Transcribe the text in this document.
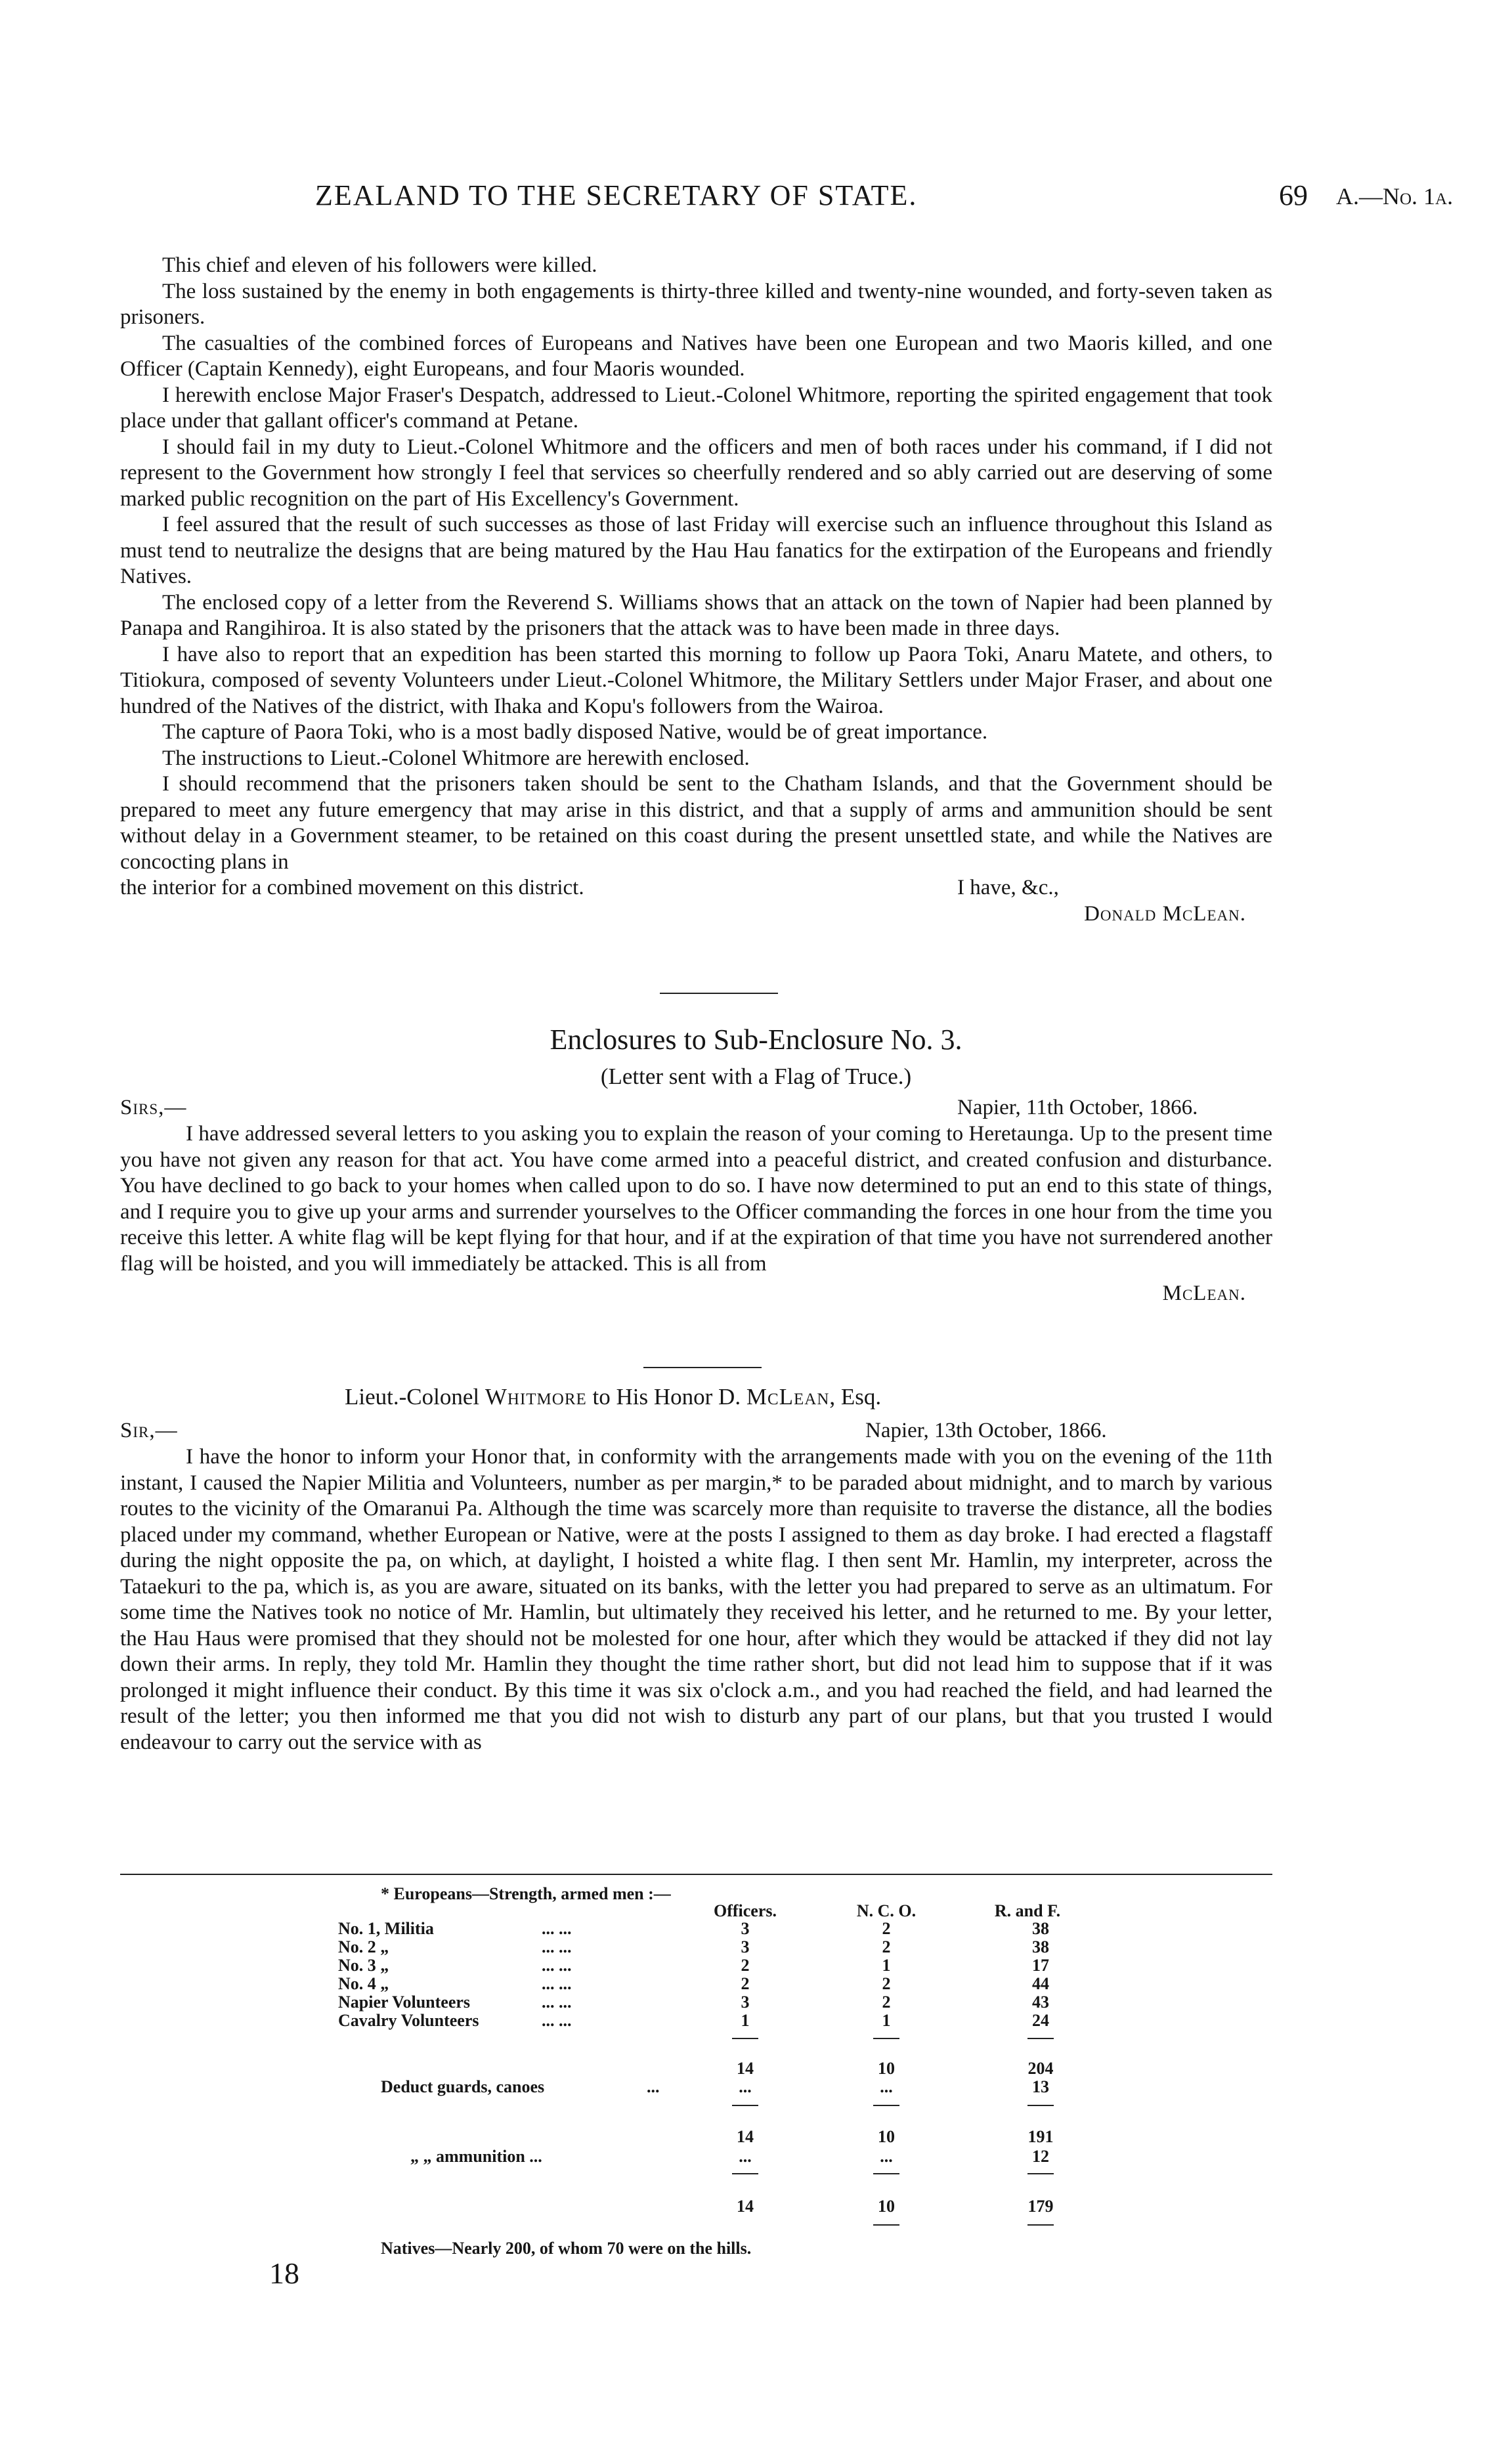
ZEALAND TO THE SECRETARY OF STATE.	69 A.—No. 1a.

This chief and eleven of his followers were killed.

The loss sustained by the enemy in both engagements is thirty-three killed and twenty-nine wounded, and forty-seven taken as prisoners.

The casualties of the combined forces of Europeans and Natives have been one European and two Maoris killed, and one Officer (Captain Kennedy), eight Europeans, and four Maoris wounded.

I herewith enclose Major Fraser's Despatch, addressed to Lieut.-Colonel Whitmore, reporting the spirited engagement that took place under that gallant officer's command at Petane.

I should fail in my duty to Lieut.-Colonel Whitmore and the officers and men of both races under his command, if I did not represent to the Government how strongly I feel that services so cheerfully rendered and so ably carried out are deserving of some marked public recognition on the part of His Excellency's Government.

I feel assured that the result of such successes as those of last Friday will exercise such an influence throughout this Island as must tend to neutralize the designs that are being matured by the Hau Hau fanatics for the extirpation of the Europeans and friendly Natives.

The enclosed copy of a letter from the Reverend S. Williams shows that an attack on the town of Napier had been planned by Panapa and Rangihiroa. It is also stated by the prisoners that the attack was to have been made in three days.

I have also to report that an expedition has been started this morning to follow up Paora Toki, Anaru Matete, and others, to Titiokura, composed of seventy Volunteers under Lieut.-Colonel Whitmore, the Military Settlers under Major Fraser, and about one hundred of the Natives of the district, with Ihaka and Kopu's followers from the Wairoa.

The capture of Paora Toki, who is a most badly disposed Native, would be of great importance.

The instructions to Lieut.-Colonel Whitmore are herewith enclosed.

I should recommend that the prisoners taken should be sent to the Chatham Islands, and that the Government should be prepared to meet any future emergency that may arise in this district, and that a supply of arms and ammunition should be sent without delay in a Government steamer, to be retained on this coast during the present unsettled state, and while the Natives are concocting plans in

the interior for a combined movement on this district.	I have, &c.,
Donald McLean.
Enclosures to Sub-Enclosure No. 3.
(Letter sent with a Flag of Truce.)
Sirs,—	Napier, 11th October, 1866.

I have addressed several letters to you asking you to explain the reason of your coming to Heretaunga. Up to the present time you have not given any reason for that act. You have come armed into a peaceful district, and created confusion and disturbance. You have declined to go back to your homes when called upon to do so. I have now determined to put an end to this state of things, and I require you to give up your arms and surrender yourselves to the Officer commanding the forces in one hour from the time you receive this letter. A white flag will be kept flying for that hour, and if at the expiration of that time you have not surrendered another flag will be hoisted, and you will immediately be attacked. This is all from

McLean.
Lieut.-Colonel Whitmore to His Honor D. McLean, Esq.
Sir,—	Napier, 13th October, 1866.

I have the honor to inform your Honor that, in conformity with the arrangements made with you on the evening of the 11th instant, I caused the Napier Militia and Volunteers, number as per margin,* to be paraded about midnight, and to march by various routes to the vicinity of the Omaranui Pa. Although the time was scarcely more than requisite to traverse the distance, all the bodies placed under my command, whether European or Native, were at the posts I assigned to them as day broke. I had erected a flagstaff during the night opposite the pa, on which, at daylight, I hoisted a white flag. I then sent Mr. Hamlin, my interpreter, across the Tataekuri to the pa, which is, as you are aware, situated on its banks, with the letter you had prepared to serve as an ultimatum. For some time the Natives took no notice of Mr. Hamlin, but ultimately they received his letter, and he returned to me. By your letter, the Hau Haus were promised that they should not be molested for one hour, after which they would be attacked if they did not lay down their arms. In reply, they told Mr. Hamlin they thought the time rather short, but did not lead him to suppose that if it was prolonged it might influence their conduct. By this time it was six o'clock a.m., and you had reached the field, and had learned the result of the letter; you then informed me that you did not wish to disturb any part of our plans, but that you trusted I would endeavour to carry out the service with as

* Europeans—Strength, armed men :—
Officers.	N. C. O.	R. and F.
No. 1, Militia	... ...	3	2	38
No. 2 „	... ...	3	2	38
No. 3 „	... ...	2	1	17
No. 4 „	... ...	2	2	44
Napier Volunteers	... ...	3	2	43
Cavalry Volunteers	... ...	1	1	24
14	10	204
Deduct guards, canoes	...	...	...	13
14	10	191
„ „ ammunition ...	...	...	12
14	10	179
Natives—Nearly 200, of whom 70 were on the hills.
18
